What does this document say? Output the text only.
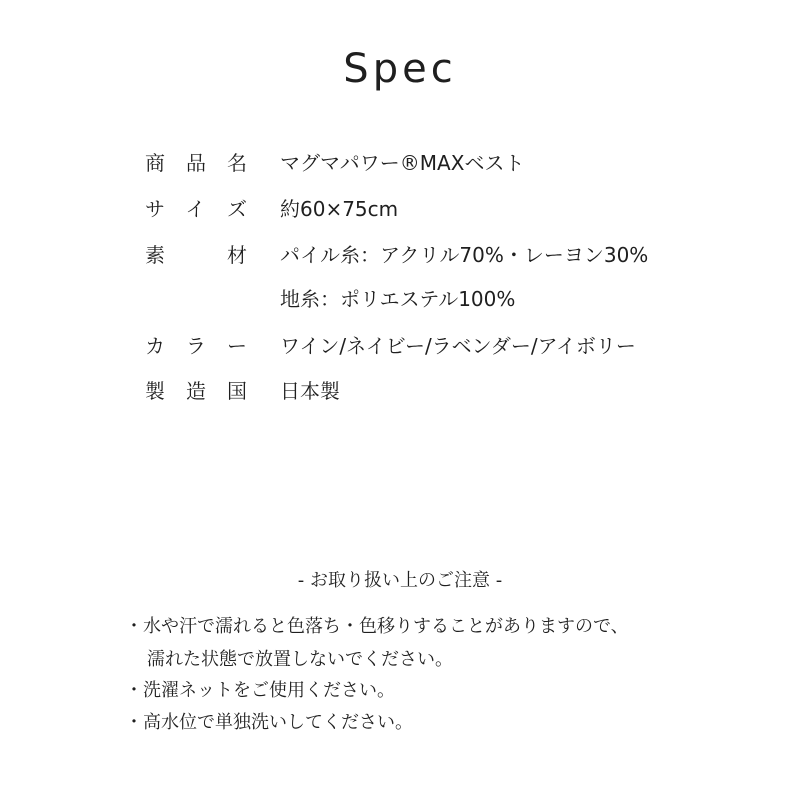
Spec
商品名 マグマパワー®MAXベスト
サイズ 約60×75cm
素材 パイル糸：アクリル70%・レーヨン30%
地糸：ポリエステル100%
カラー ワイン/ネイビー/ラベンダー/アイボリー
製造国 日本製
- お取り扱い上のご注意 -
・水や汗で濡れると色落ち・色移りすることがありますので、
濡れた状態で放置しないでください。
・洗濯ネットをご使用ください。
・高水位で単独洗いしてください。
